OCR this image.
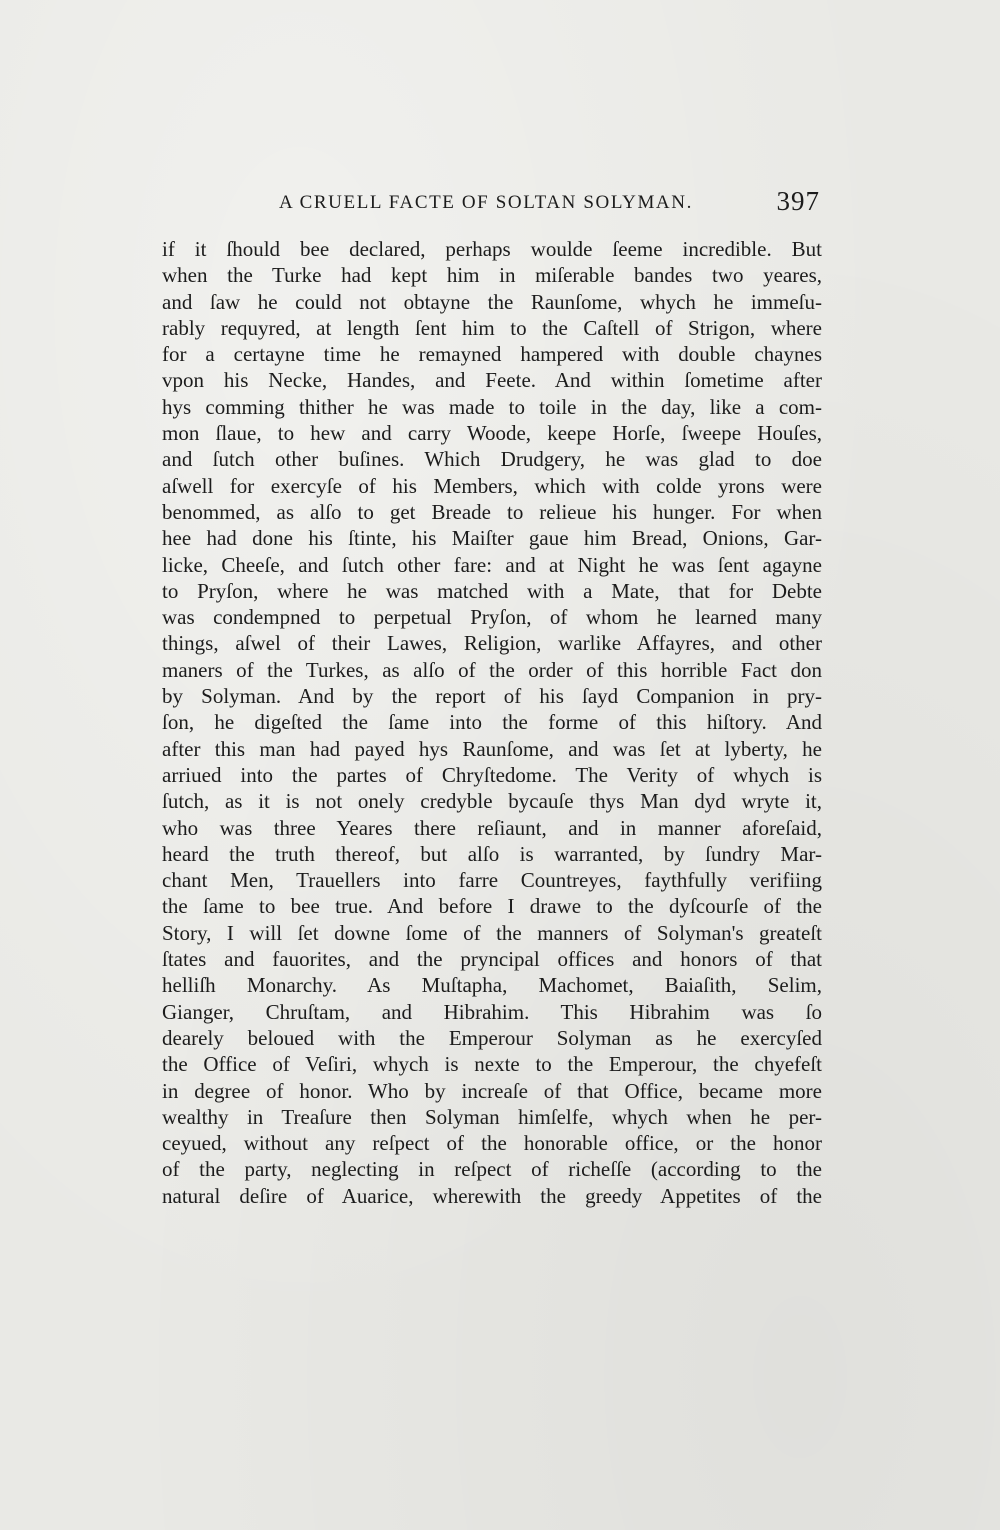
A CRUELL FACTE OF SOLTAN SOLYMAN.	397
if it ſhould bee declared, perhaps woulde ſeeme incredible. But
when the Turke had kept him in miſerable bandes two yeares,
and ſaw he could not obtayne the Raunſome, whych he immeſu-
rably requyred, at length ſent him to the Caſtell of Strigon, where
for a certayne time he remayned hampered with double chaynes
vpon his Necke, Handes, and Feete. And within ſometime after
hys comming thither he was made to toile in the day, like a com-
mon ſlaue, to hew and carry Woode, keepe Horſe, ſweepe Houſes,
and ſutch other buſines. Which Drudgery, he was glad to doe
aſwell for exercyſe of his Members, which with colde yrons were
benommed, as alſo to get Breade to relieue his hunger. For when
hee had done his ſtinte, his Maiſter gaue him Bread, Onions, Gar-
licke, Cheeſe, and ſutch other fare: and at Night he was ſent agayne
to Pryſon, where he was matched with a Mate, that for Debte
was condempned to perpetual Pryſon, of whom he learned many
things, aſwel of their Lawes, Religion, warlike Affayres, and other
maners of the Turkes, as alſo of the order of this horrible Fact don
by Solyman. And by the report of his ſayd Companion in pry-
ſon, he digeſted the ſame into the forme of this hiſtory. And
after this man had payed hys Raunſome, and was ſet at lyberty, he
arriued into the partes of Chryſtedome. The Verity of whych is
ſutch, as it is not onely credyble bycauſe thys Man dyd wryte it,
who was three Yeares there reſiaunt, and in manner aforeſaid,
heard the truth thereof, but alſo is warranted, by ſundry Mar-
chant Men, Trauellers into farre Countreyes, faythfully verifiing
the ſame to bee true. And before I drawe to the dyſcourſe of the
Story, I will ſet downe ſome of the manners of Solyman's greateſt
ſtates and fauorites, and the pryncipal offices and honors of that
helliſh Monarchy. As Muſtapha, Machomet, Baiaſith, Selim,
Gianger, Chruſtam, and Hibrahim. This Hibrahim was ſo
dearely beloued with the Emperour Solyman as he exercyſed
the Office of Veſiri, whych is nexte to the Emperour, the chyefeſt
in degree of honor. Who by increaſe of that Office, became more
wealthy in Treaſure then Solyman himſelfe, whych when he per-
ceyued, without any reſpect of the honorable office, or the honor
of the party, neglecting in reſpect of richeſſe (according to the
natural deſire of Auarice, wherewith the greedy Appetites of the
